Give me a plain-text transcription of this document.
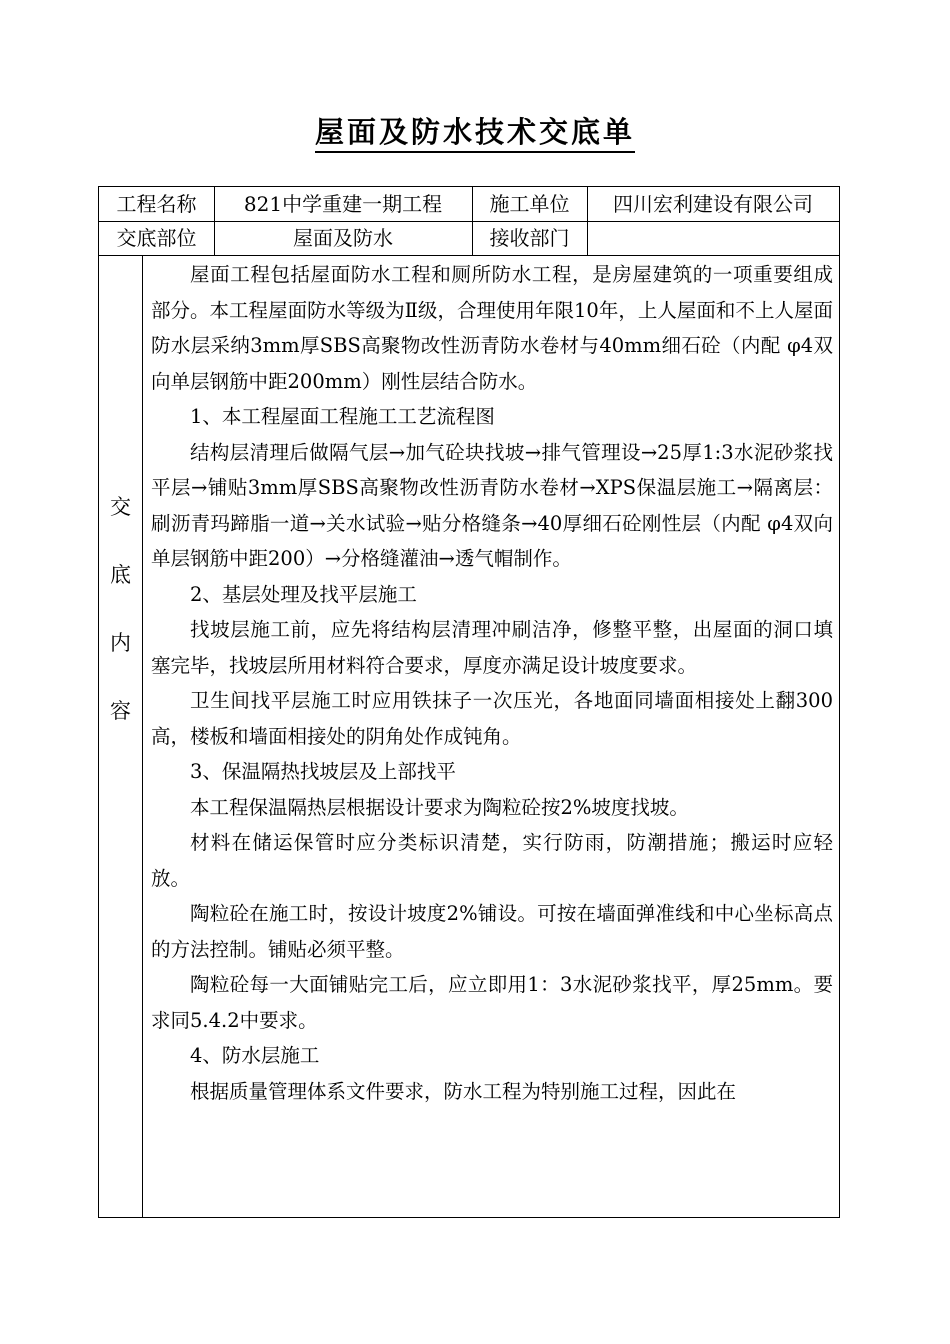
屋面及防水技术交底单
工程名称	821中学重建一期工程	施工单位	四川宏利建设有限公司
交底部位	屋面及防水	接收部门
交
底
内
容

屋面工程包括屋面防水工程和厕所防水工程，是房屋建筑的一项重要组成部分。本工程屋面防水等级为Ⅱ级，合理使用年限10年，上人屋面和不上人屋面防水层采纳3mm厚SBS高聚物改性沥青防水卷材与40mm细石砼（内配 φ4双向单层钢筋中距200mm）刚性层结合防水。

1、本工程屋面工程施工工艺流程图

结构层清理后做隔气层→加气砼块找坡→排气管理设→25厚1:3水泥砂浆找平层→铺贴3mm厚SBS高聚物改性沥青防水卷材→XPS保温层施工→隔离层：刷沥青玛蹄脂一道→关水试验→贴分格缝条→40厚细石砼刚性层（内配 φ4双向单层钢筋中距200）→分格缝灌油→透气帽制作。

2、基层处理及找平层施工

找坡层施工前，应先将结构层清理冲刷洁净，修整平整，出屋面的洞口填塞完毕，找坡层所用材料符合要求，厚度亦满足设计坡度要求。

卫生间找平层施工时应用铁抹子一次压光，各地面同墙面相接处上翻300高，楼板和墙面相接处的阴角处作成钝角。

3、保温隔热找坡层及上部找平

本工程保温隔热层根据设计要求为陶粒砼按2%坡度找坡。

材料在储运保管时应分类标识清楚，实行防雨，防潮措施；搬运时应轻放。

陶粒砼在施工时，按设计坡度2%铺设。可按在墙面弹准线和中心坐标高点的方法控制。铺贴必须平整。

陶粒砼每一大面铺贴完工后，应立即用1：3水泥砂浆找平，厚25mm。要求同5.4.2中要求。

4、防水层施工

根据质量管理体系文件要求，防水工程为特别施工过程，因此在
